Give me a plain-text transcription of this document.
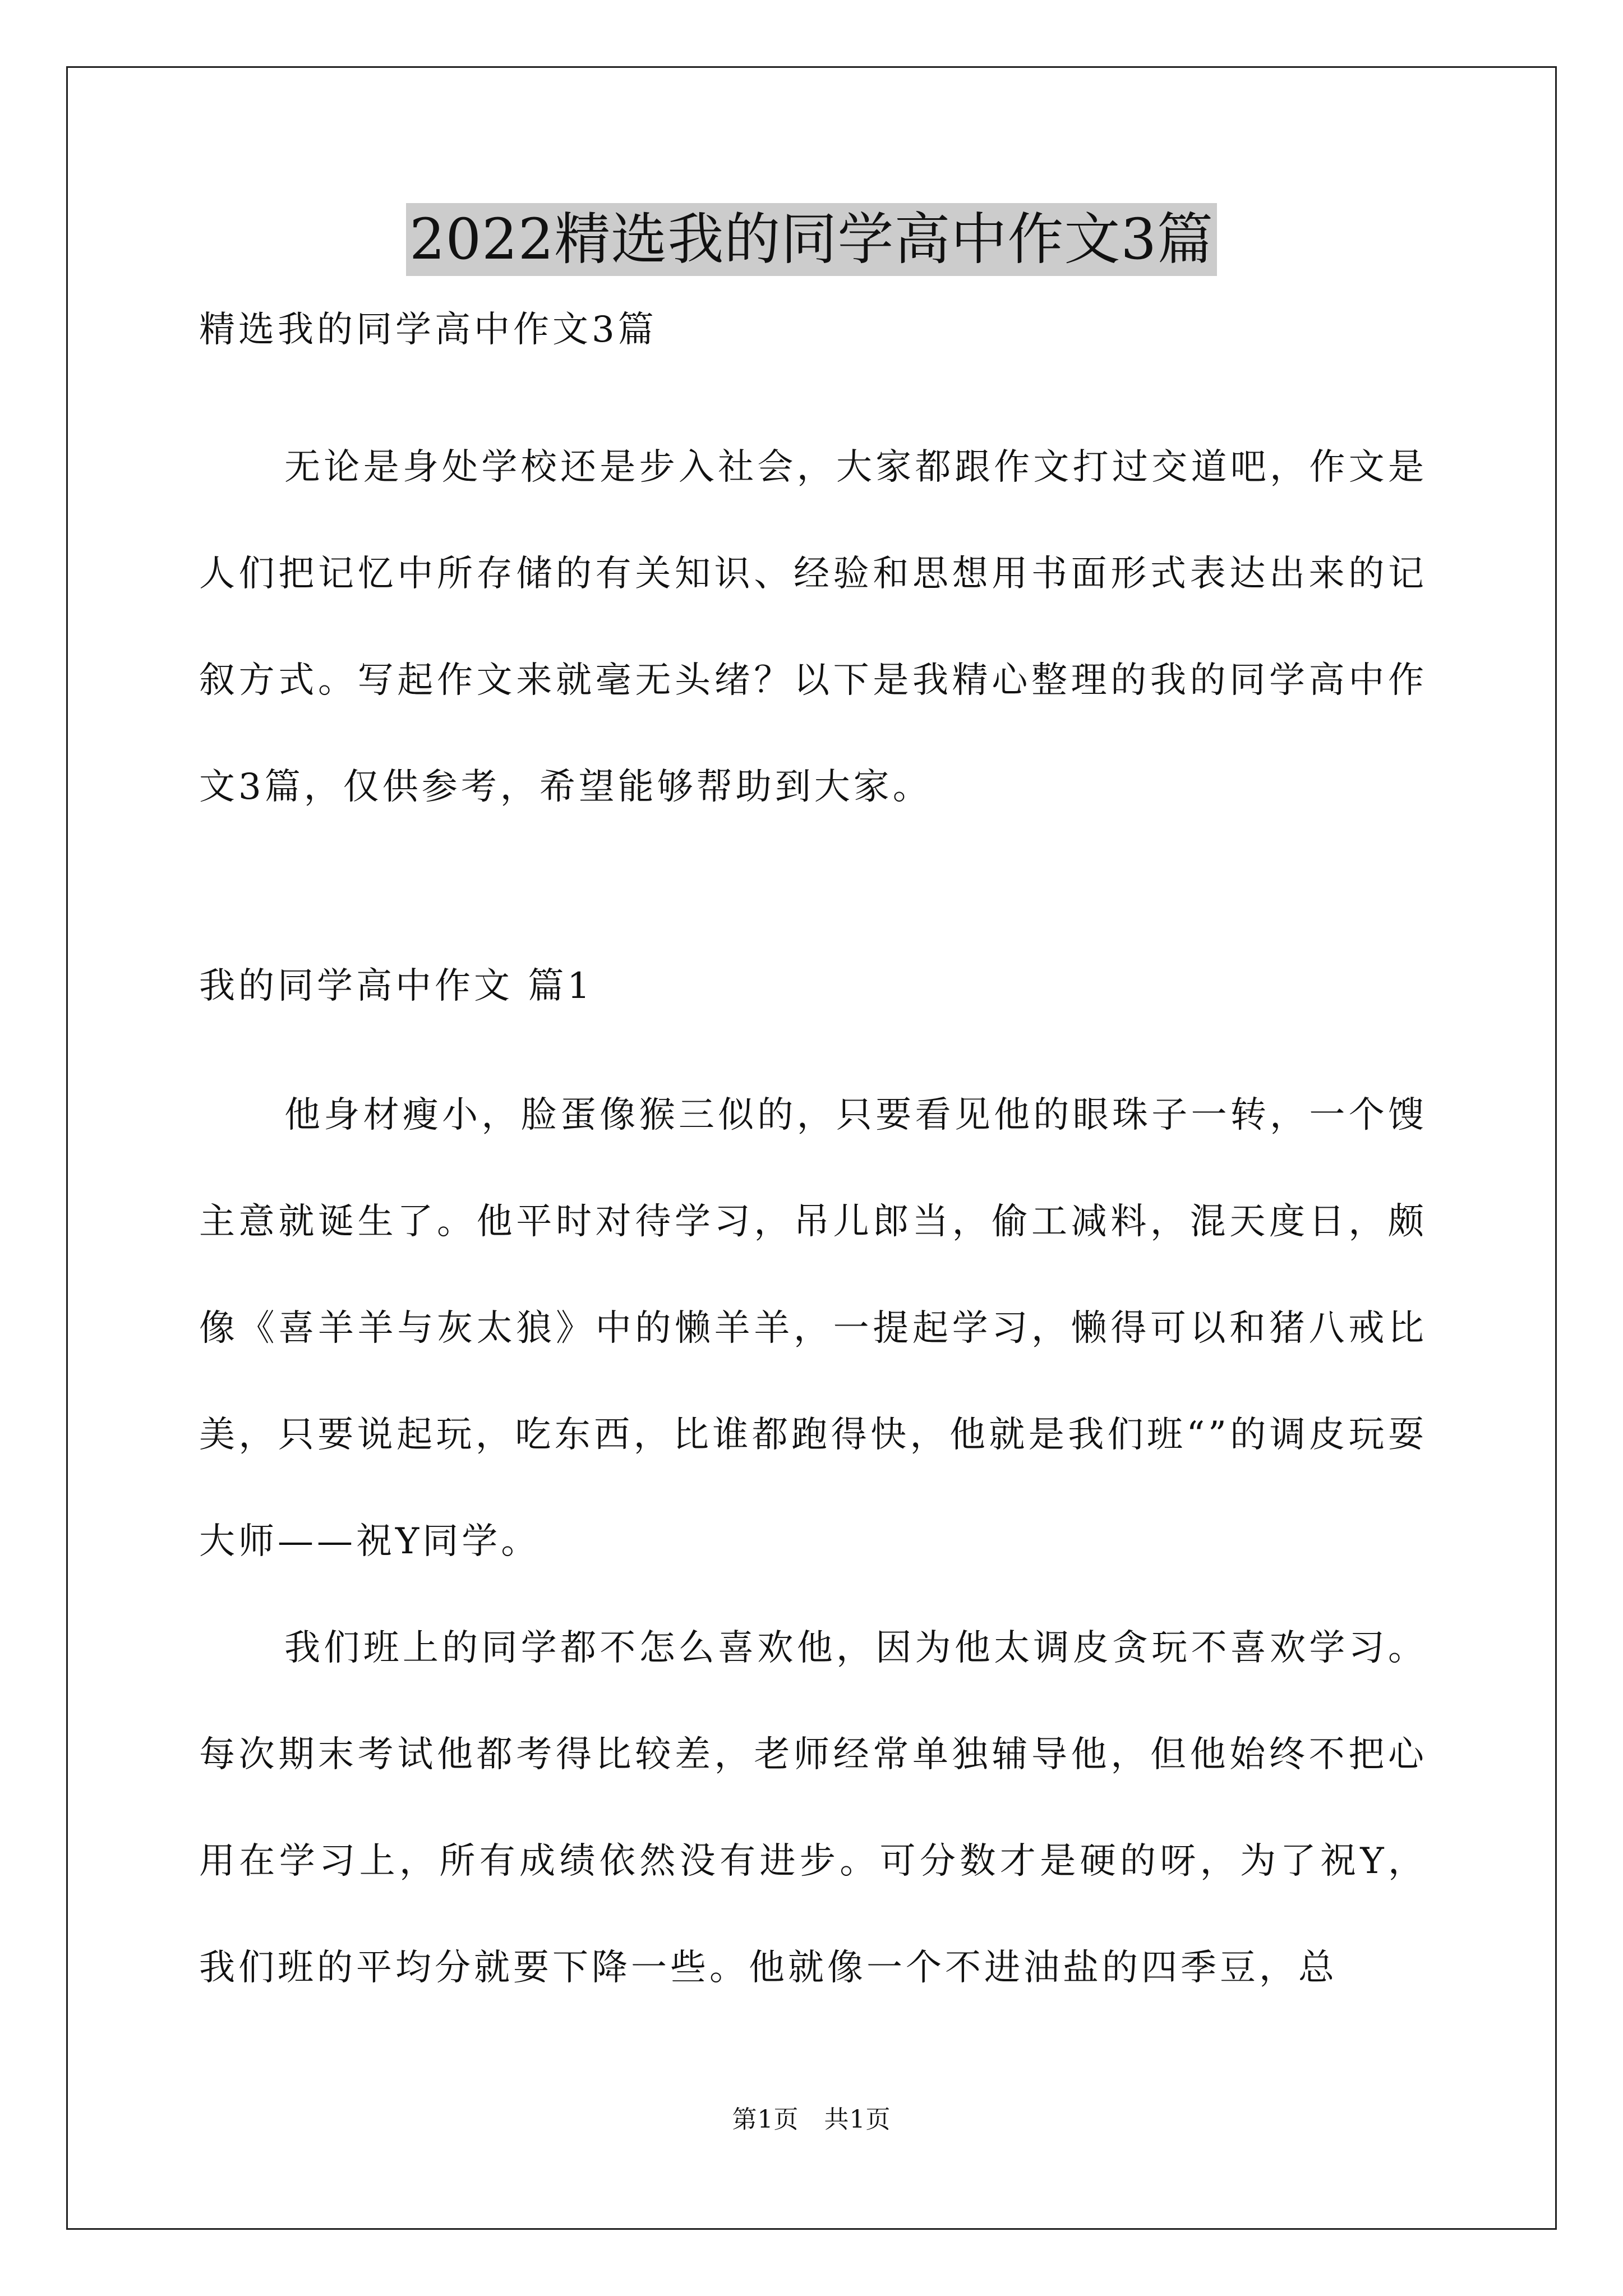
2022精选我的同学高中作文3篇

精选我的同学高中作文3篇

无论是身处学校还是步入社会，大家都跟作文打过交道吧，作文是人们把记忆中所存储的有关知识、经验和思想用书面形式表达出来的记叙方式。写起作文来就毫无头绪？以下是我精心整理的我的同学高中作文3篇，仅供参考，希望能够帮助到大家。

我的同学高中作文 篇1

他身材瘦小，脸蛋像猴三似的，只要看见他的眼珠子一转，一个馊主意就诞生了。他平时对待学习，吊儿郎当，偷工减料，混天度日，颇像《喜羊羊与灰太狼》中的懒羊羊，一提起学习，懒得可以和猪八戒比美，只要说起玩，吃东西，比谁都跑得快，他就是我们班“”的调皮玩耍大师——祝Y同学。

我们班上的同学都不怎么喜欢他，因为他太调皮贪玩不喜欢学习。每次期末考试他都考得比较差，老师经常单独辅导他，但他始终不把心用在学习上，所有成绩依然没有进步。可分数才是硬的呀，为了祝Y，我们班的平均分就要下降一些。他就像一个不进油盐的四季豆，总

第1页   共1页
